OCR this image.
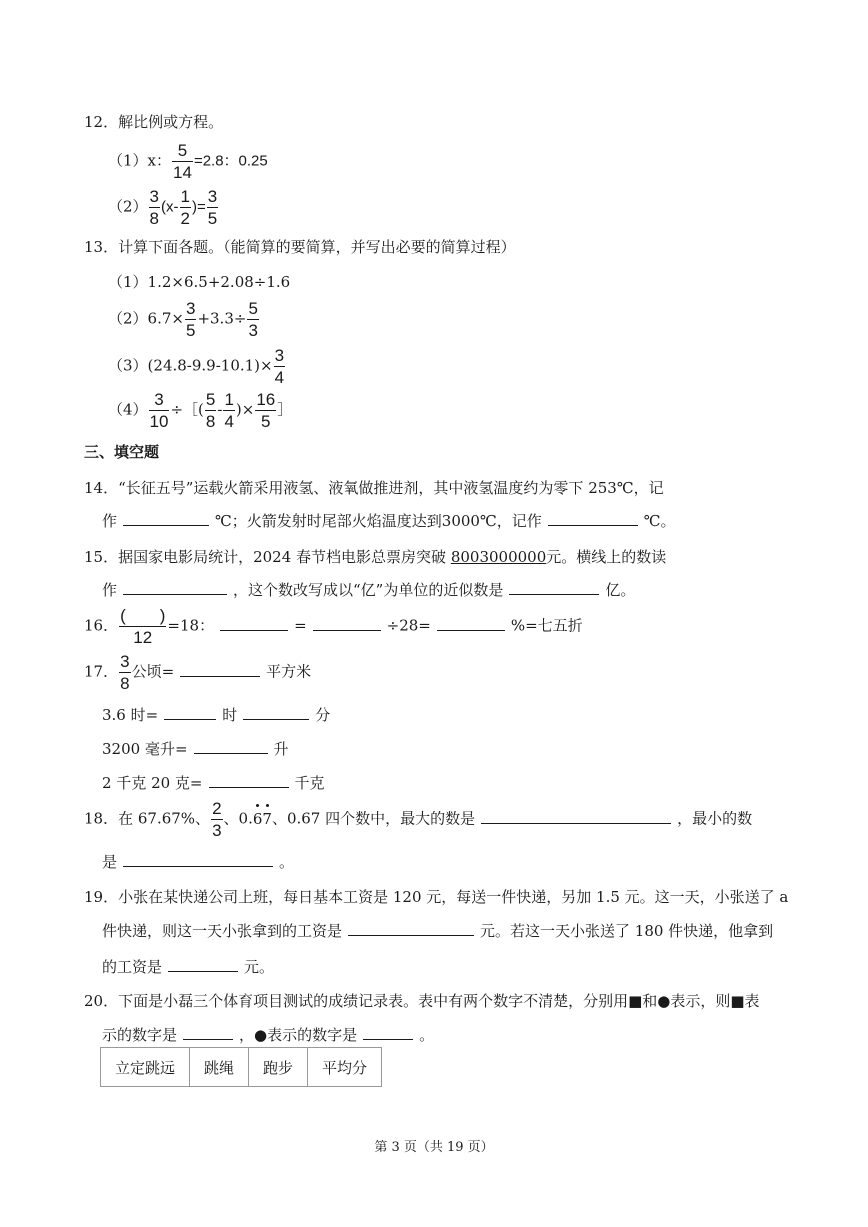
12．解比例或方程。
（1）x： $\frac{5}{14} =2.8$：0.25
$(2) \frac{3}{8} (x- \frac{1}{2}$ )= $\frac{3}{5}$
13．计算下面各题。（能简算的要简算，并写出必要的简算过程）
（1）1.2×6.5+2.08÷1.6
$(2)6.7\times \frac{3}{5} +3.3\div \frac{5}{3}$
$(3)(24.8-9.9-10.1)\times \frac{3}{4}$
$(4) \frac{3}{10}$ ÷［( $\frac{5}{8} - \frac{1}{4}$ )× $\frac{16}{5}$ ］
三、填空题
14．“长征五号”运载火箭采用液氢、液氧做推进剂，其中液氢温度约为零下 253℃，记
作	℃；火箭发射时尾部火焰温度达到3000℃，记作	℃。
15．据国家电影局统计，2024 春节档电影总票房突破 8003000000元。横线上的数读
作	，这个数改写成以“亿”为单位的近似数是	亿。
16． $\frac{( )}{12} =18$：	=	÷28=	%=七五折
17． $\frac{3}{8}$ 公顷=	平方米
3.6 时=	时	分
3200 毫升=	升
2 千克 20 克=	千克
18．在 67.67%、 $\frac{2}{3}$ 、0.67、0.67 四个数中，最大的数是	，最小的数
是	。
19．小张在某快递公司上班，每日基本工资是 120 元，每送一件快递，另加 1.5 元。这一天，小张送了 a
件快递，则这一天小张拿到的工资是	元。若这一天小张送了 180 件快递，他拿到
的工资是	元。
20．下面是小磊三个体育项目测试的成绩记录表。表中有两个数字不清楚，分别用■和●表示，则■表
示的数字是	，●表示的数字是	。
立定跳远	跳绳	跑步	平均分
第 3 页（共 19 页）
